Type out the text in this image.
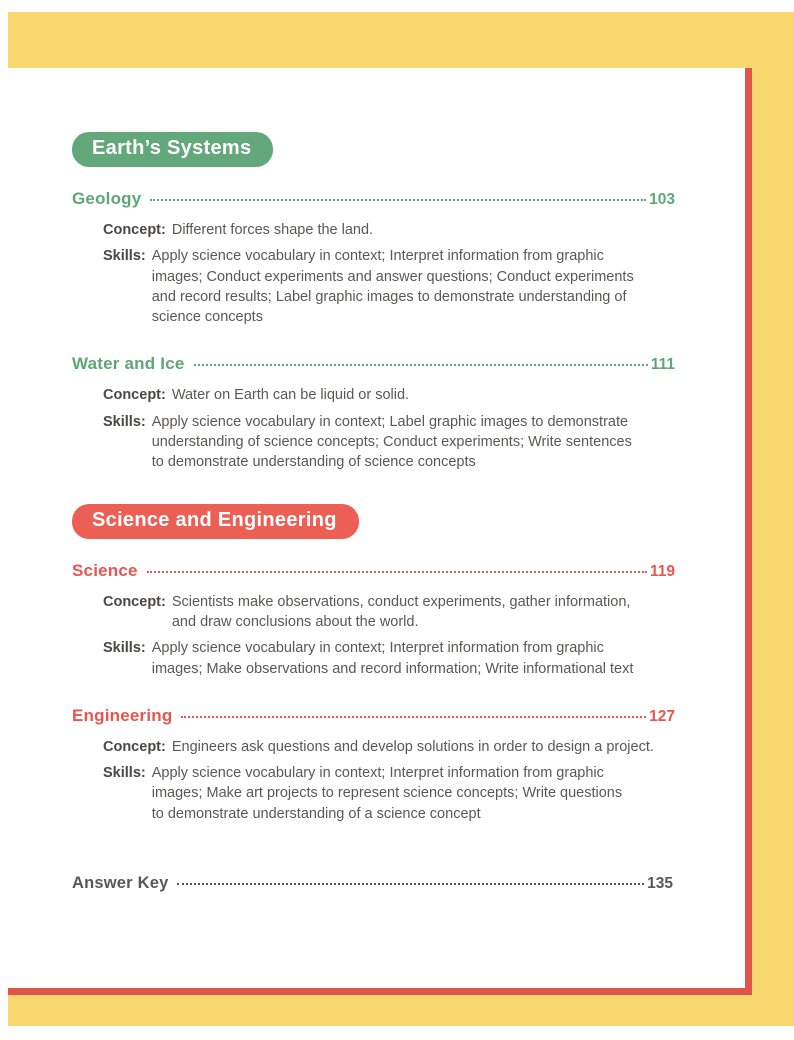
Earth’s Systems
Geology	103
Concept: Different forces shape the land.
Skills: Apply science vocabulary in context; Interpret information from graphic images; Conduct experiments and answer questions; Conduct experiments and record results; Label graphic images to demonstrate understanding of science concepts
Water and Ice	111
Concept: Water on Earth can be liquid or solid.
Skills: Apply science vocabulary in context; Label graphic images to demonstrate understanding of science concepts; Conduct experiments; Write sentences to demonstrate understanding of science concepts
Science and Engineering
Science	119
Concept: Scientists make observations, conduct experiments, gather information, and draw conclusions about the world.
Skills: Apply science vocabulary in context; Interpret information from graphic images; Make observations and record information; Write informational text
Engineering	127
Concept: Engineers ask questions and develop solutions in order to design a project.
Skills: Apply science vocabulary in context; Interpret information from graphic images; Make art projects to represent science concepts; Write questions to demonstrate understanding of a science concept
Answer Key	135
